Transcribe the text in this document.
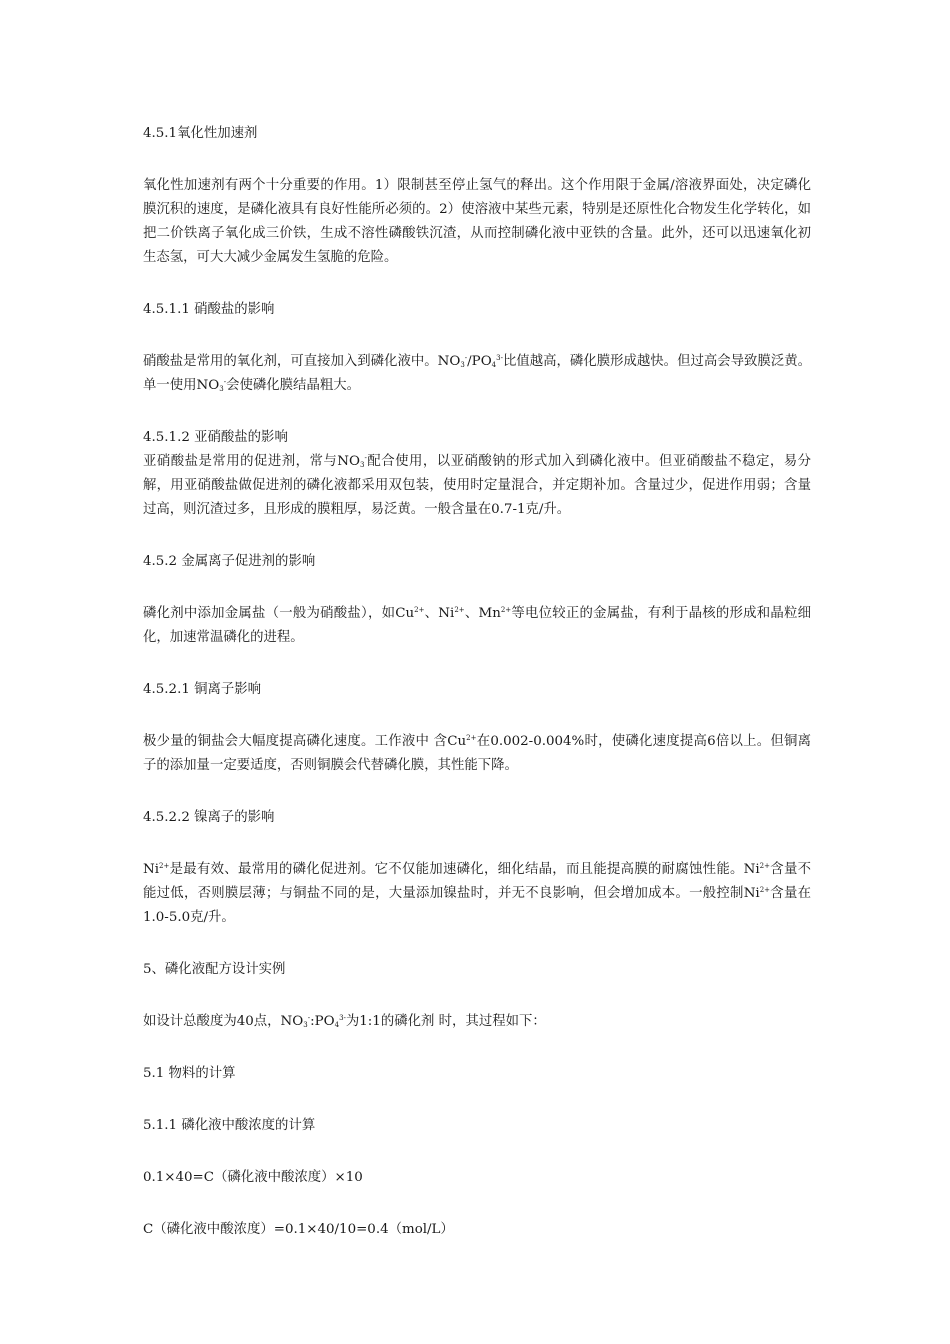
4.5.1氧化性加速剂

氧化性加速剂有两个十分重要的作用。1）限制甚至停止氢气的释出。这个作用限于金属/溶液界面处，决定磷化膜沉积的速度，是磷化液具有良好性能所必须的。2）使溶液中某些元素，特别是还原性化合物发生化学转化，如把二价铁离子氧化成三价铁，生成不溶性磷酸铁沉渣，从而控制磷化液中亚铁的含量。此外，还可以迅速氧化初生态氢，可大大减少金属发生氢脆的危险。

4.5.1.1 硝酸盐的影响

硝酸盐是常用的氧化剂，可直接加入到磷化液中。$NO_3^-/PO_4^{3-}$比值越高，磷化膜形成越快。但过高会导致膜泛黄。单一使用$NO_3^-$会使磷化膜结晶粗大。

4.5.1.2 亚硝酸盐的影响

亚硝酸盐是常用的促进剂，常与$NO_3^-$配合使用，以亚硝酸钠的形式加入到磷化液中。但亚硝酸盐不稳定，易分解，用亚硝酸盐做促进剂的磷化液都采用双包装，使用时定量混合，并定期补加。含量过少，促进作用弱；含量过高，则沉渣过多，且形成的膜粗厚，易泛黄。一般含量在0.7-1克/升。

4.5.2 金属离子促进剂的影响

磷化剂中添加金属盐（一般为硝酸盐），如$Cu^{2+}$、$Ni^{2+}$、$Mn^{2+}$等电位较正的金属盐，有利于晶核的形成和晶粒细化，加速常温磷化的进程。

4.5.2.1 铜离子影响

极少量的铜盐会大幅度提高磷化速度。工作液中 含$Cu^{2+}$在0.002-0.004%时，使磷化速度提高6倍以上。但铜离子的添加量一定要适度，否则铜膜会代替磷化膜，其性能下降。

4.5.2.2 镍离子的影响

$Ni^{2+}$是最有效、最常用的磷化促进剂。它不仅能加速磷化，细化结晶，而且能提高膜的耐腐蚀性能。$Ni^{2+}$含量不能过低，否则膜层薄；与铜盐不同的是，大量添加镍盐时，并无不良影响，但会增加成本。一般控制$Ni^{2+}$含量在1.0-5.0克/升。

5、磷化液配方设计实例

如设计总酸度为40点，$NO_3^-:PO_4^{3-}$为1:1的磷化剂 时，其过程如下：

5.1 物料的计算

5.1.1 磷化液中酸浓度的计算

0.1×40=C（磷化液中酸浓度）×10

C（磷化液中酸浓度）=0.1×40/10=0.4（mol/L）
